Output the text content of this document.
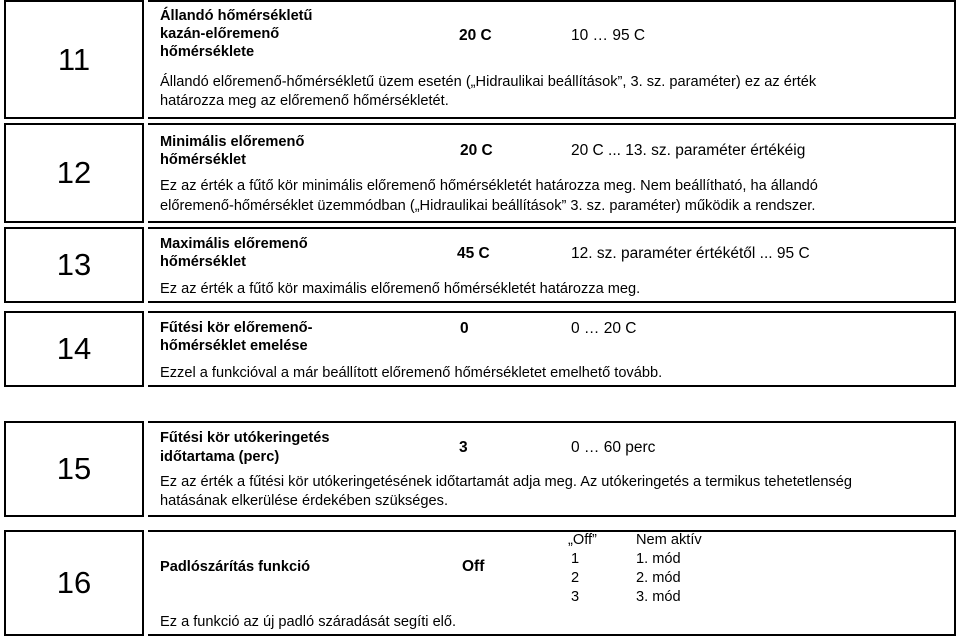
11
Állandó hőmérsékletű
kazán-előremenő
hőmérséklete
20 C	10 … 95 C
Állandó előremenő-hőmérsékletű üzem esetén („Hidraulikai beállítások”, 3. sz. paraméter) ez az érték
határozza meg az előremenő hőmérsékletét.
12
Minimális előremenő
hőmérséklet
20 C	20 C ... 13. sz. paraméter értékéig
Ez az érték a fűtő kör minimális előremenő hőmérsékletét határozza meg. Nem beállítható, ha állandó
előremenő-hőmérséklet üzemmódban („Hidraulikai beállítások” 3. sz. paraméter) működik a rendszer.
13
Maximális előremenő
hőmérséklet	45 C	12. sz. paraméter értékétől ... 95 C
Ez az érték a fűtő kör maximális előremenő hőmérsékletét határozza meg.
14
Fűtési kör előremenő-
hőmérséklet emelése
0	0 … 20 C
Ezzel a funkcióval a már beállított előremenő hőmérsékletet emelhető tovább.
15
Fűtési kör utókeringetés
időtartama (perc)
3	0 … 60 perc
Ez az érték a fűtési kör utókeringetésének időtartamát adja meg. Az utókeringetés a termikus tehetetlenség
hatásának elkerülése érdekében szükséges.
16	Padlószárítás funkció	Off
„Off”	Nem aktív
1	1. mód
2	2. mód
3	3. mód
Ez a funkció az új padló száradását segíti elő.
